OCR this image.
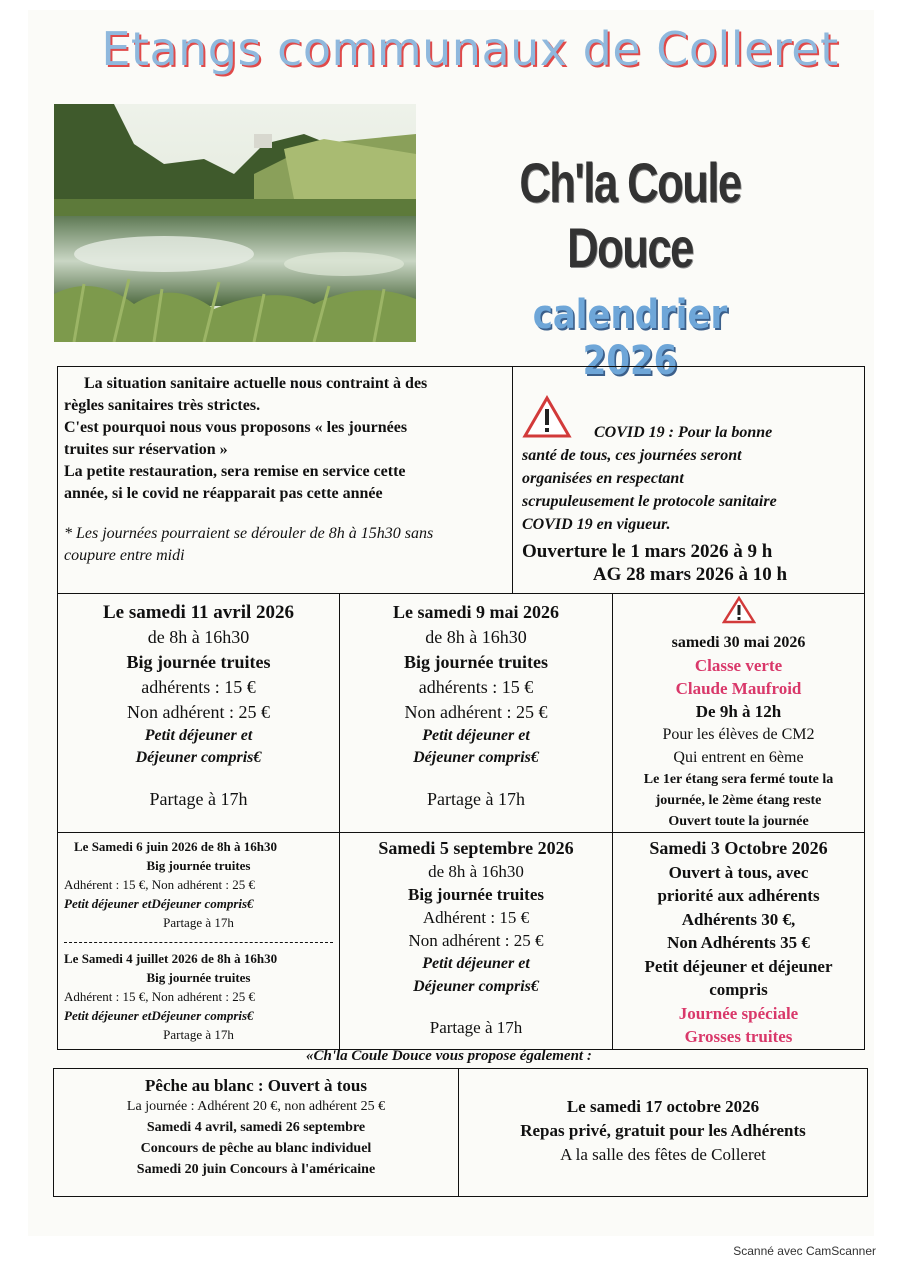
Etangs communaux de Colleret
Ch'la Coule Douce
calendrier 2026

La situation sanitaire actuelle nous contraint à des

règles sanitaires très strictes.

C'est pourquoi nous vous proposons « les journées

truites sur réservation »

La petite restauration, sera remise en service cette

année, si le covid ne réapparait pas cette année

* Les journées pourraient se dérouler de 8h à 15h30 sans

coupure entre midi

COVID 19 : Pour la bonne

santé de tous, ces journées seront

organisées en respectant

scrupuleusement le protocole sanitaire

COVID 19 en vigueur.

Ouverture le 1 mars 2026 à 9 h

AG 28 mars 2026 à 10 h

Le samedi 11 avril 2026

de 8h à 16h30

Big journée truites

adhérents : 15 €

Non adhérent : 25 €

Petit déjeuner et

Déjeuner compris€

Partage à 17h

Le samedi 9 mai 2026

de 8h à 16h30

Big journée truites

adhérents : 15 €

Non adhérent : 25 €

Petit déjeuner et

Déjeuner compris€

Partage à 17h

samedi 30 mai 2026

Classe verte

Claude Maufroid

De 9h à 12h

Pour les élèves de CM2

Qui entrent en 6ème

Le 1er étang sera fermé toute la

journée, le 2ème étang reste

Ouvert toute la journée

Le Samedi 6 juin 2026 de 8h à 16h30

Big journée truites

Adhérent : 15 €, Non adhérent : 25 €

Petit déjeuner etDéjeuner compris€

Partage à 17h

Le Samedi 4 juillet 2026 de 8h à 16h30

Big journée truites

Adhérent : 15 €, Non adhérent : 25 €

Petit déjeuner etDéjeuner compris€

Partage à 17h

Samedi 5 septembre 2026

de 8h à 16h30

Big journée truites

Adhérent : 15 €

Non adhérent : 25 €

Petit déjeuner et

Déjeuner compris€

Partage à 17h

Samedi 3 Octobre 2026

Ouvert à tous, avec

priorité aux adhérents

Adhérents 30 €,

Non Adhérents 35 €

Petit déjeuner et déjeuner

compris

Journée spéciale

Grosses truites

«Ch'la Coule Douce vous propose également :

Pêche au blanc : Ouvert à tous

La journée : Adhérent 20 €, non adhérent 25 €

Samedi 4 avril, samedi 26 septembre

Concours de pêche au blanc individuel

Samedi 20 juin Concours à l'américaine

Le samedi 17 octobre 2026

Repas privé, gratuit pour les Adhérents

A la salle des fêtes de Colleret

Scanné avec CamScanner
